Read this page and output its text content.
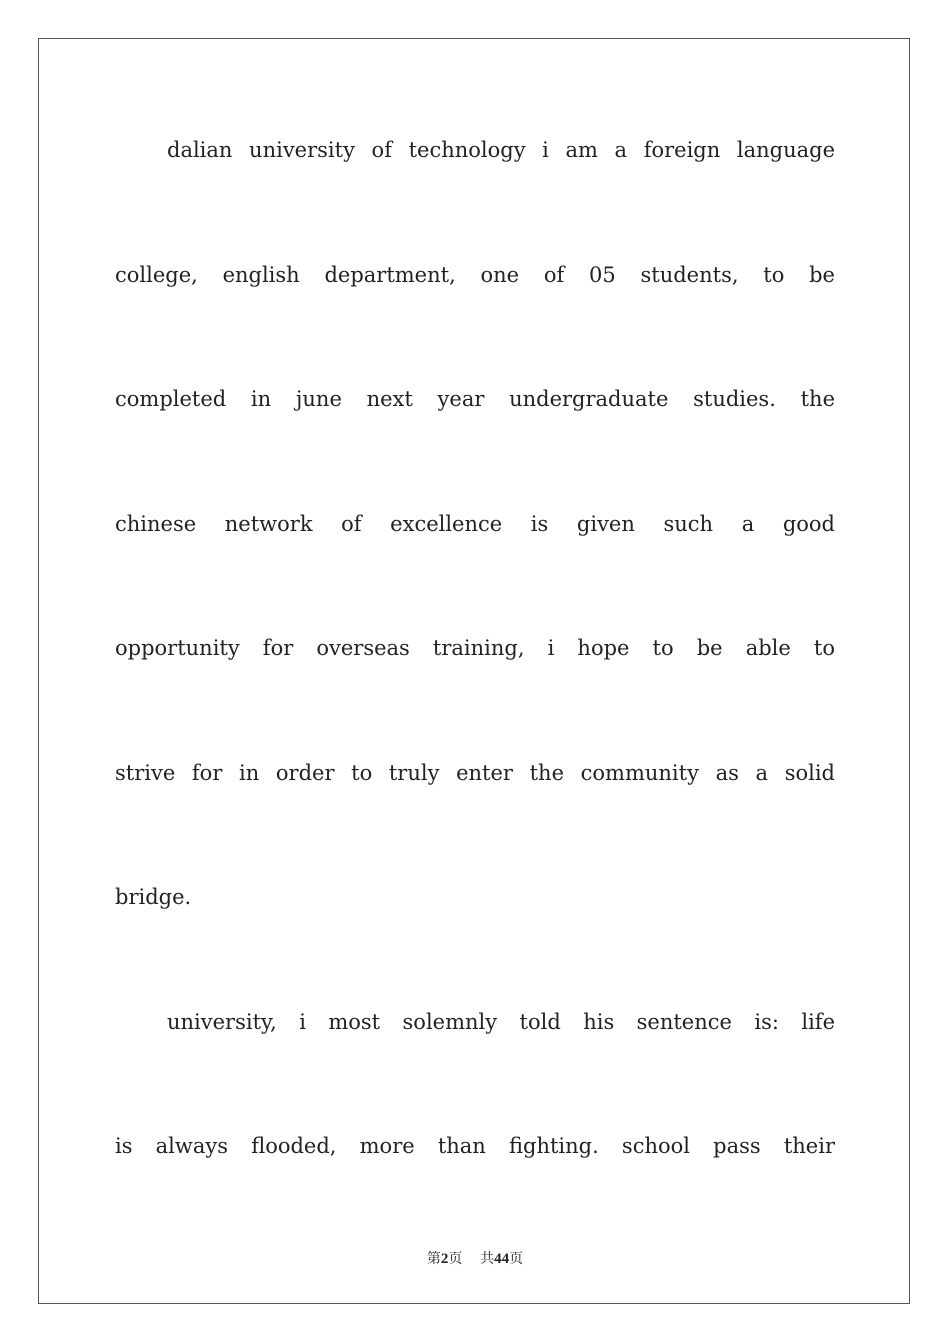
dalian university of technology i am a foreign language
college, english department, one of 05 students, to be
completed in june next year undergraduate studies. the
chinese network of excellence is given such a good
opportunity for overseas training, i hope to be able to
strive for in order to truly enter the community as a solid
bridge.
university, i most solemnly told his sentence is: life
is always flooded, more than fighting. school pass their
第2页 共44页
